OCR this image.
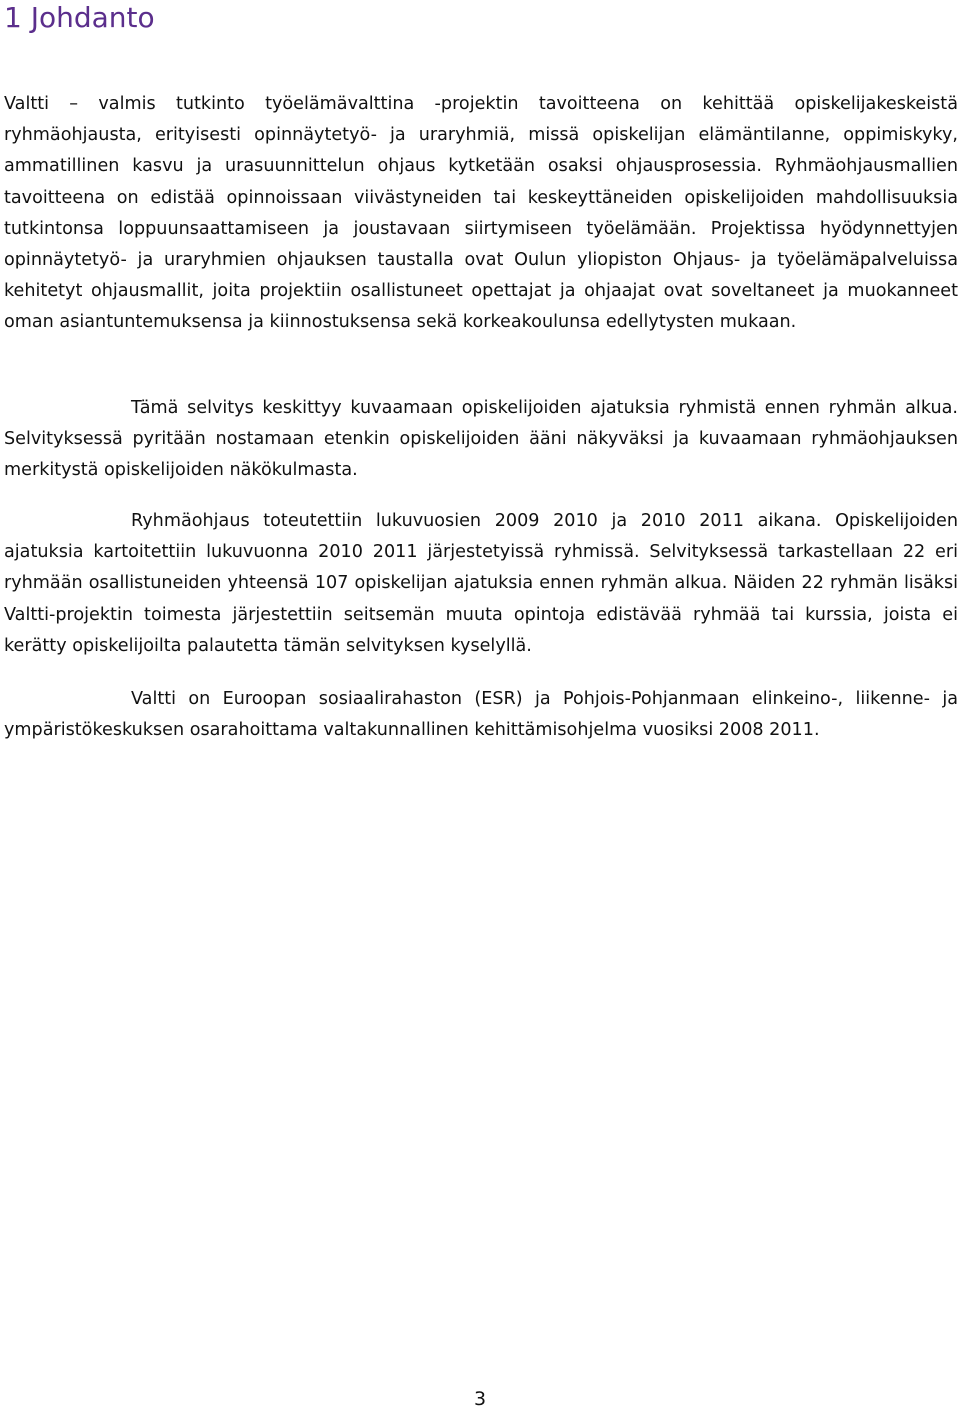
1 Johdanto

Valtti – valmis tutkinto työelämävalttina -projektin tavoitteena on kehittää opiskelijakeskeistä ryhmäohjausta, erityisesti opinnäytetyö- ja uraryhmiä, missä opiskelijan elämäntilanne, oppimiskyky, ammatillinen kasvu ja urasuunnittelun ohjaus kytketään osaksi ohjausprosessia. Ryhmäohjausmallien tavoitteena on edistää opinnoissaan viivästyneiden tai keskeyttäneiden opiskelijoiden mahdollisuuksia tutkintonsa loppuunsaattamiseen ja joustavaan siirtymiseen työelämään. Projektissa hyödynnettyjen opinnäytetyö- ja uraryhmien ohjauksen taustalla ovat Oulun yliopiston Ohjaus- ja työelämäpalveluissa kehitetyt ohjausmallit, joita projektiin osallistuneet opettajat ja ohjaajat ovat soveltaneet ja muokanneet oman asiantuntemuksensa ja kiinnostuksensa sekä korkeakoulunsa edellytysten mukaan.

Tämä selvitys keskittyy kuvaamaan opiskelijoiden ajatuksia ryhmistä ennen ryhmän alkua. Selvityksessä pyritään nostamaan etenkin opiskelijoiden ääni näkyväksi ja kuvaamaan ryhmäohjauksen merkitystä opiskelijoiden näkökulmasta.

Ryhmäohjaus toteutettiin lukuvuosien 2009 2010 ja 2010 2011 aikana. Opiskelijoiden ajatuksia kartoitettiin lukuvuonna 2010 2011 järjestetyissä ryhmissä. Selvityksessä tarkastellaan 22 eri ryhmään osallistuneiden yhteensä 107 opiskelijan ajatuksia ennen ryhmän alkua. Näiden 22 ryhmän lisäksi Valtti-projektin toimesta järjestettiin seitsemän muuta opintoja edistävää ryhmää tai kurssia, joista ei kerätty opiskelijoilta palautetta tämän selvityksen kyselyllä.

Valtti on Euroopan sosiaalirahaston (ESR) ja Pohjois-Pohjanmaan elinkeino-, liikenne- ja ympäristökeskuksen osarahoittama valtakunnallinen kehittämisohjelma vuosiksi 2008 2011.

3
